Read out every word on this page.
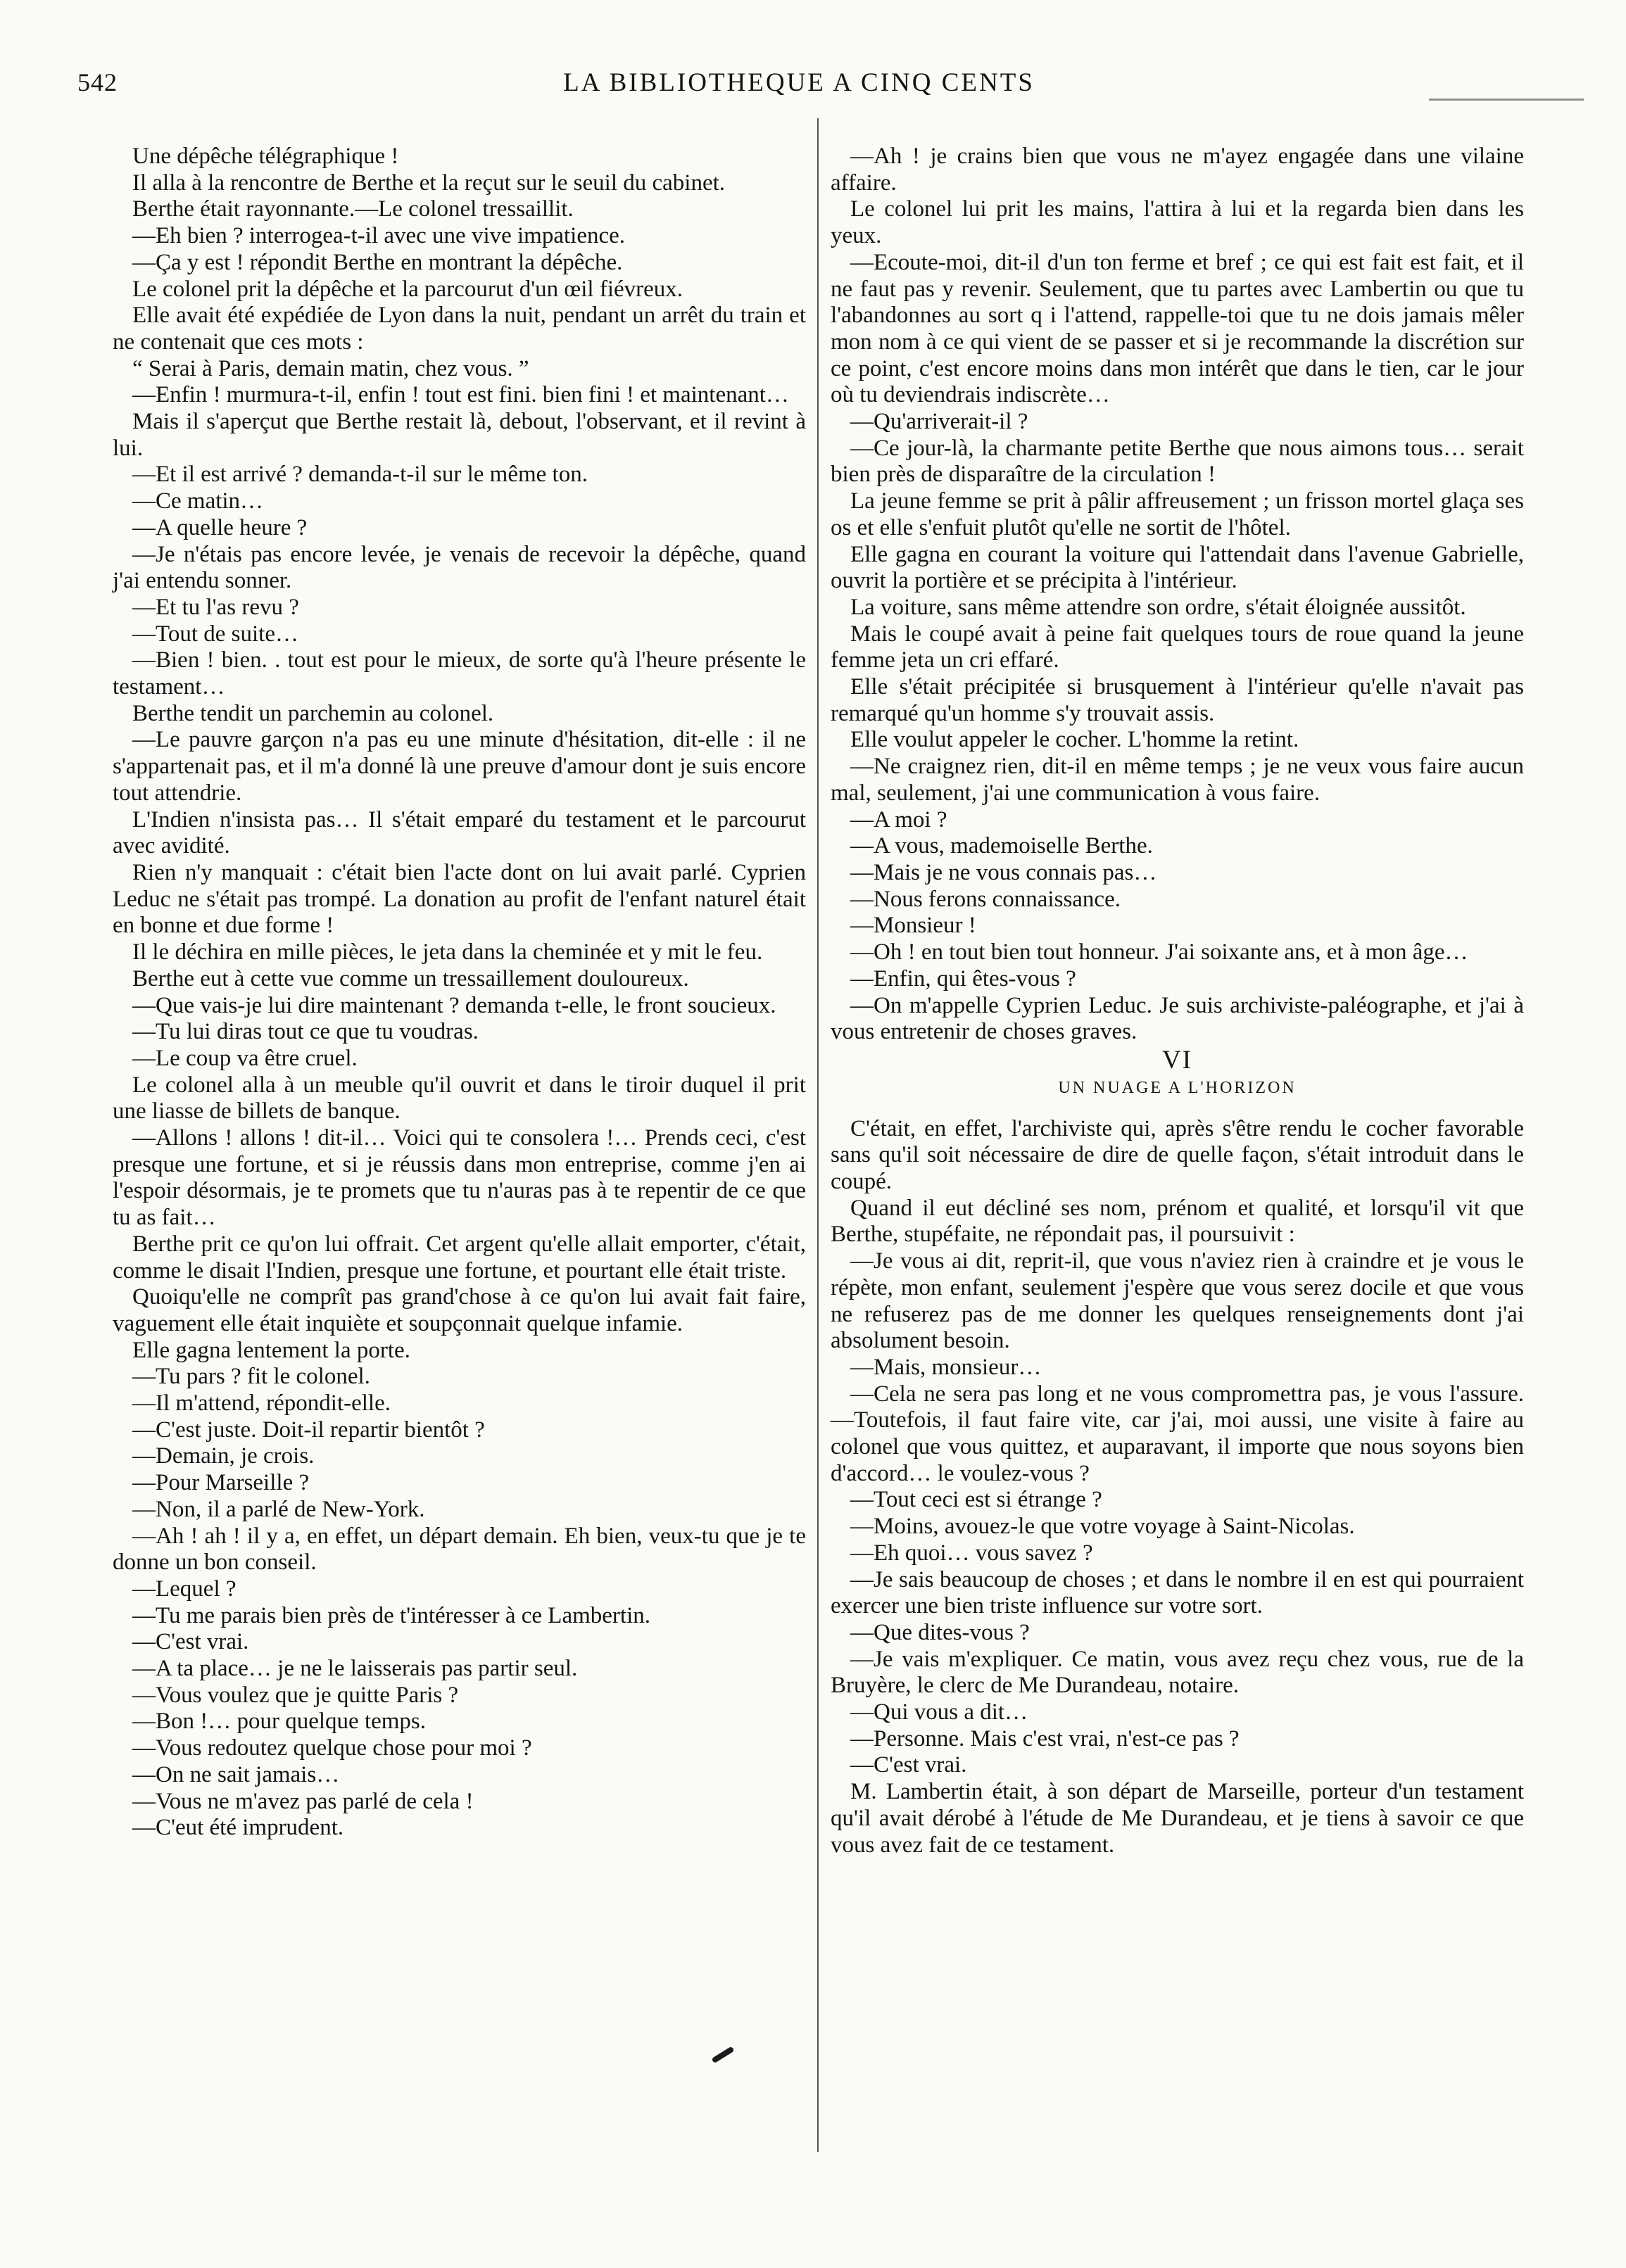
542	LA BIBLIOTHEQUE A CINQ CENTS

Une dépêche télégraphique !

Il alla à la rencontre de Berthe et la reçut sur le seuil du cabinet.

Berthe était rayonnante.—Le colonel tressaillit.

—Eh bien ? interrogea-t-il avec une vive impatience.

—Ça y est ! répondit Berthe en montrant la dépêche.

Le colonel prit la dépêche et la parcourut d'un œil fiévreux.

Elle avait été expédiée de Lyon dans la nuit, pendant un arrêt du train et ne contenait que ces mots :

“ Serai à Paris, demain matin, chez vous. ”

—Enfin ! murmura-t-il, enfin ! tout est fini. bien fini ! et maintenant…

Mais il s'aperçut que Berthe restait là, debout, l'observant, et il revint à lui.

—Et il est arrivé ? demanda-t-il sur le même ton.

—Ce matin…

—A quelle heure ?

—Je n'étais pas encore levée, je venais de recevoir la dépêche, quand j'ai entendu sonner.

—Et tu l'as revu ?

—Tout de suite…

—Bien ! bien. . tout est pour le mieux, de sorte qu'à l'heure présente le testament…

Berthe tendit un parchemin au colonel.

—Le pauvre garçon n'a pas eu une minute d'hésitation, dit-elle : il ne s'appartenait pas, et il m'a donné là une preuve d'amour dont je suis encore tout attendrie.

L'Indien n'insista pas… Il s'était emparé du testament et le parcourut avec avidité.

Rien n'y manquait : c'était bien l'acte dont on lui avait parlé. Cyprien Leduc ne s'était pas trompé. La donation au profit de l'enfant naturel était en bonne et due forme !

Il le déchira en mille pièces, le jeta dans la cheminée et y mit le feu.

Berthe eut à cette vue comme un tressaillement douloureux.

—Que vais-je lui dire maintenant ? demanda t-elle, le front soucieux.

—Tu lui diras tout ce que tu voudras.

—Le coup va être cruel.

Le colonel alla à un meuble qu'il ouvrit et dans le tiroir duquel il prit une liasse de billets de banque.

—Allons ! allons ! dit-il… Voici qui te consolera !… Prends ceci, c'est presque une fortune, et si je réussis dans mon entreprise, comme j'en ai l'espoir désormais, je te promets que tu n'auras pas à te repentir de ce que tu as fait…

Berthe prit ce qu'on lui offrait. Cet argent qu'elle allait emporter, c'était, comme le disait l'Indien, presque une fortune, et pourtant elle était triste.

Quoiqu'elle ne comprît pas grand'chose à ce qu'on lui avait fait faire, vaguement elle était inquiète et soupçonnait quelque infamie.

Elle gagna lentement la porte.

—Tu pars ? fit le colonel.

—Il m'attend, répondit-elle.

—C'est juste. Doit-il repartir bientôt ?

—Demain, je crois.

—Pour Marseille ?

—Non, il a parlé de New-York.

—Ah ! ah ! il y a, en effet, un départ demain. Eh bien, veux-tu que je te donne un bon conseil.

—Lequel ?

—Tu me parais bien près de t'intéresser à ce Lambertin.

—C'est vrai.

—A ta place… je ne le laisserais pas partir seul.

—Vous voulez que je quitte Paris ?

—Bon !… pour quelque temps.

—Vous redoutez quelque chose pour moi ?

—On ne sait jamais…

—Vous ne m'avez pas parlé de cela !

—C'eut été imprudent.

—Ah ! je crains bien que vous ne m'ayez engagée dans une vilaine affaire.

Le colonel lui prit les mains, l'attira à lui et la regarda bien dans les yeux.

—Ecoute-moi, dit-il d'un ton ferme et bref ; ce qui est fait est fait, et il ne faut pas y revenir. Seulement, que tu partes avec Lambertin ou que tu l'abandonnes au sort q i l'attend, rappelle-toi que tu ne dois jamais mêler mon nom à ce qui vient de se passer et si je recommande la discrétion sur ce point, c'est encore moins dans mon intérêt que dans le tien, car le jour où tu deviendrais indiscrète…

—Qu'arriverait-il ?

—Ce jour-là, la charmante petite Berthe que nous aimons tous… serait bien près de disparaître de la circulation !

La jeune femme se prit à pâlir affreusement ; un frisson mortel glaça ses os et elle s'enfuit plutôt qu'elle ne sortit de l'hôtel.

Elle gagna en courant la voiture qui l'attendait dans l'avenue Gabrielle, ouvrit la portière et se précipita à l'intérieur.

La voiture, sans même attendre son ordre, s'était éloignée aussitôt.

Mais le coupé avait à peine fait quelques tours de roue quand la jeune femme jeta un cri effaré.

Elle s'était précipitée si brusquement à l'intérieur qu'elle n'avait pas remarqué qu'un homme s'y trouvait assis.

Elle voulut appeler le cocher. L'homme la retint.

—Ne craignez rien, dit-il en même temps ; je ne veux vous faire aucun mal, seulement, j'ai une communication à vous faire.

—A moi ?

—A vous, mademoiselle Berthe.

—Mais je ne vous connais pas…

—Nous ferons connaissance.

—Monsieur !

—Oh ! en tout bien tout honneur. J'ai soixante ans, et à mon âge…

—Enfin, qui êtes-vous ?

—On m'appelle Cyprien Leduc. Je suis archiviste-paléographe, et j'ai à vous entretenir de choses graves.

VI

UN NUAGE A L'HORIZON

C'était, en effet, l'archiviste qui, après s'être rendu le cocher favorable sans qu'il soit nécessaire de dire de quelle façon, s'était introduit dans le coupé.

Quand il eut décliné ses nom, prénom et qualité, et lorsqu'il vit que Berthe, stupéfaite, ne répondait pas, il poursuivit :

—Je vous ai dit, reprit-il, que vous n'aviez rien à craindre et je vous le répète, mon enfant, seulement j'espère que vous serez docile et que vous ne refuserez pas de me donner les quelques renseignements dont j'ai absolument besoin.

—Mais, monsieur…

—Cela ne sera pas long et ne vous compromettra pas, je vous l'assure.—Toutefois, il faut faire vite, car j'ai, moi aussi, une visite à faire au colonel que vous quittez, et auparavant, il importe que nous soyons bien d'accord… le voulez-vous ?

—Tout ceci est si étrange ?

—Moins, avouez-le que votre voyage à Saint-Nicolas.

—Eh quoi… vous savez ?

—Je sais beaucoup de choses ; et dans le nombre il en est qui pourraient exercer une bien triste influence sur votre sort.

—Que dites-vous ?

—Je vais m'expliquer. Ce matin, vous avez reçu chez vous, rue de la Bruyère, le clerc de Me Durandeau, notaire.

—Qui vous a dit…

—Personne. Mais c'est vrai, n'est-ce pas ?

—C'est vrai.

M. Lambertin était, à son départ de Marseille, porteur d'un testament qu'il avait dérobé à l'étude de Me Durandeau, et je tiens à savoir ce que vous avez fait de ce testament.
